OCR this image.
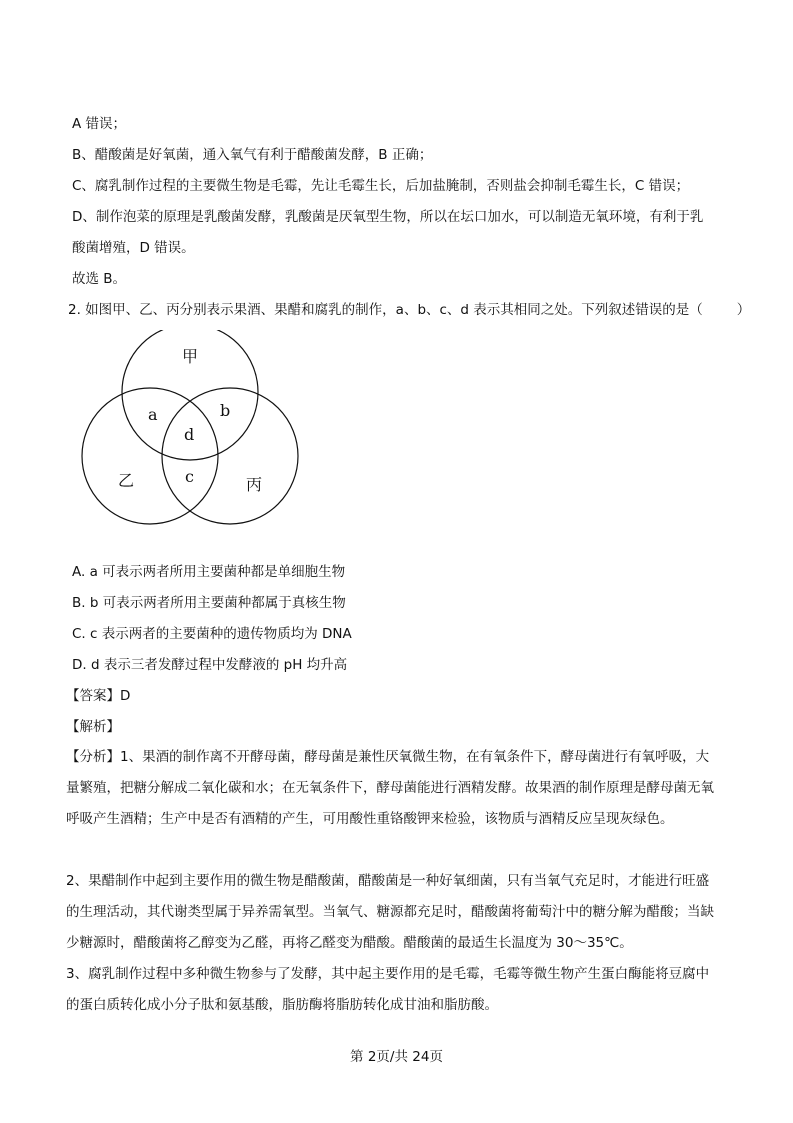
A 错误；
B、醋酸菌是好氧菌，通入氧气有利于醋酸菌发酵，B 正确；
C、腐乳制作过程的主要微生物是毛霉，先让毛霉生长，后加盐腌制，否则盐会抑制毛霉生长，C 错误；
D、制作泡菜的原理是乳酸菌发酵，乳酸菌是厌氧型生物，所以在坛口加水，可以制造无氧环境，有利于乳
酸菌增殖，D 错误。
故选 B。
2. 如图甲、乙、丙分别表示果酒、果醋和腐乳的制作，a、b、c、d 表示其相同之处。下列叙述错误的是（	）
甲
乙	丙
a	b
c
d
A. a 可表示两者所用主要菌种都是单细胞生物
B. b 可表示两者所用主要菌种都属于真核生物
C. c 表示两者的主要菌种的遗传物质均为 DNA
D. d 表示三者发酵过程中发酵液的 pH 均升高
【答案】D
【解析】
【分析】1、果酒的制作离不开酵母菌，酵母菌是兼性厌氧微生物，在有氧条件下，酵母菌进行有氧呼吸，大量繁殖，把糖分解成二氧化碳和水；在无氧条件下，酵母菌能进行酒精发酵。故果酒的制作原理是酵母菌无氧呼吸产生酒精；生产中是否有酒精的产生，可用酸性重铬酸钾来检验，该物质与酒精反应呈现灰绿色。
2、果醋制作中起到主要作用的微生物是醋酸菌，醋酸菌是一种好氧细菌，只有当氧气充足时，才能进行旺盛的生理活动，其代谢类型属于异养需氧型。当氧气、糖源都充足时，醋酸菌将葡萄汁中的糖分解为醋酸；当缺少糖源时，醋酸菌将乙醇变为乙醛，再将乙醛变为醋酸。醋酸菌的最适生长温度为 30～35℃。
3、腐乳制作过程中多种微生物参与了发酵，其中起主要作用的是毛霉，毛霉等微生物产生蛋白酶能将豆腐中的蛋白质转化成小分子肽和氨基酸，脂肪酶将脂肪转化成甘油和脂肪酸。
第 2页/共 24页
